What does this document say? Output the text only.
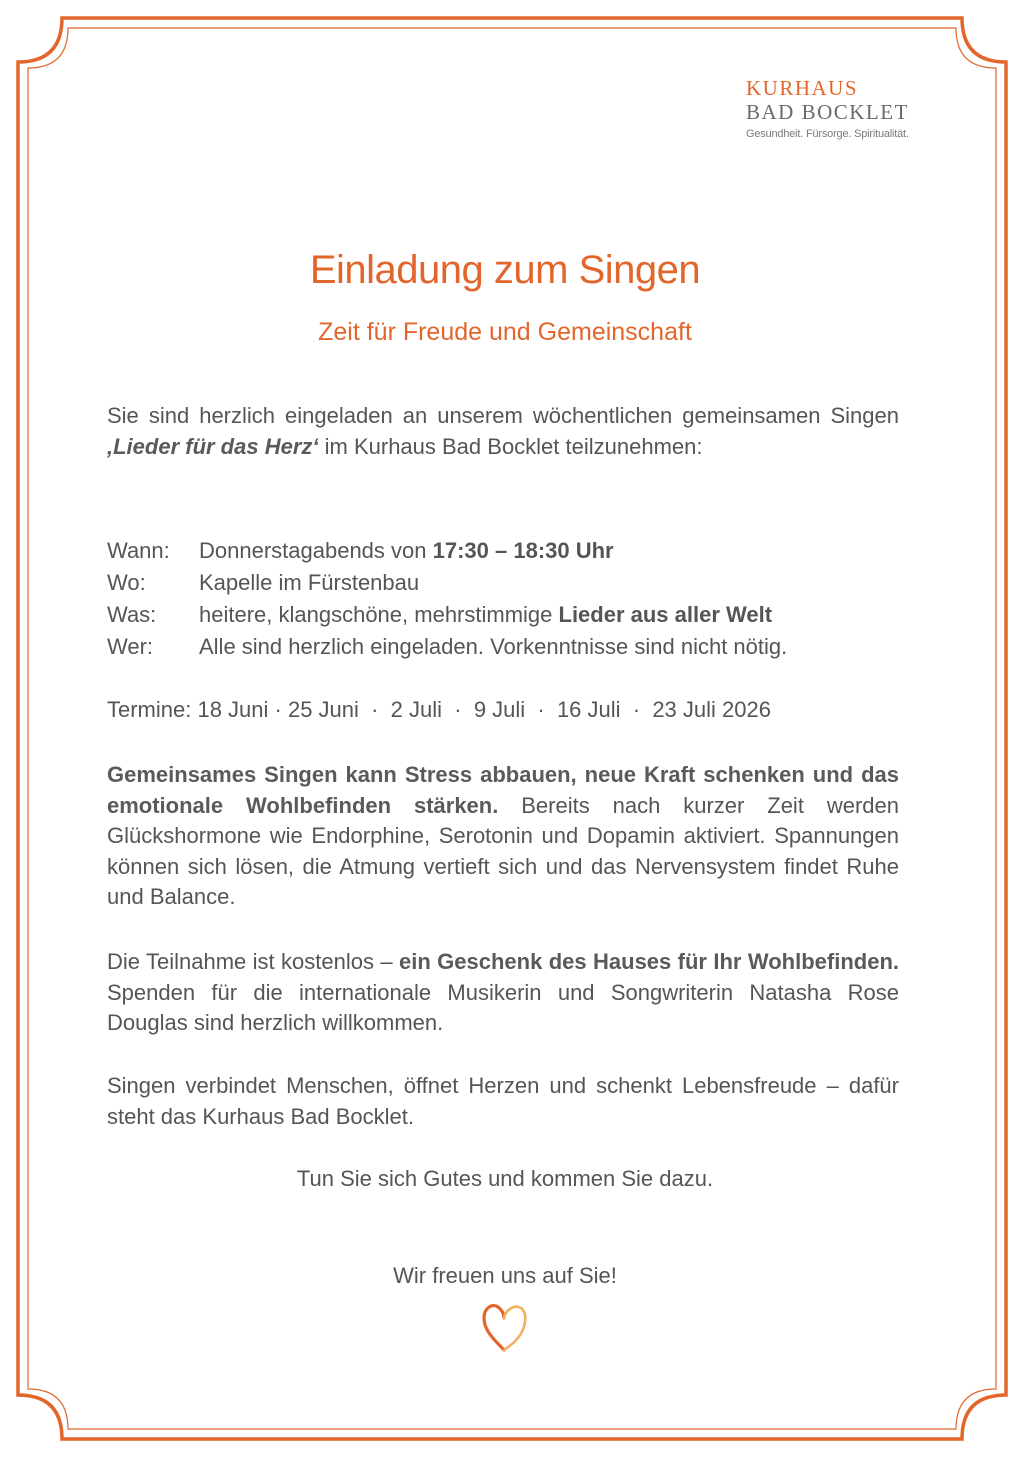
KURHAUS
BAD BOCKLET
Gesundheit. Fürsorge. Spiritualität.
Einladung zum Singen
Zeit für Freude und Gemeinschaft

Sie sind herzlich eingeladen an unserem wöchentlichen gemeinsamen Singen ‚Lieder für das Herz‘ im Kurhaus Bad Bocklet teilzunehmen:

Wann: Donnerstagabends von 17:30 – 18:30 Uhr
Wo: Kapelle im Fürstenbau
Was: heitere, klangschöne, mehrstimmige Lieder aus aller Welt
Wer: Alle sind herzlich eingeladen. Vorkenntnisse sind nicht nötig.
Termine: 18 Juni · 25 Juni  ·  2 Juli  ·  9 Juli  ·  16 Juli  ·  23 Juli 2026

Gemeinsames Singen kann Stress abbauen, neue Kraft schenken und das emotionale Wohlbefinden stärken. Bereits nach kurzer Zeit werden Glückshormone wie Endorphine, Serotonin und Dopamin aktiviert. Spannungen können sich lösen, die Atmung vertieft sich und das Nervensystem findet Ruhe und Balance.

Die Teilnahme ist kostenlos – ein Geschenk des Hauses für Ihr Wohlbefinden. Spenden für die internationale Musikerin und Songwriterin Natasha Rose Douglas sind herzlich willkommen.

Singen verbindet Menschen, öffnet Herzen und schenkt Lebensfreude – dafür steht das Kurhaus Bad Bocklet.

Tun Sie sich Gutes und kommen Sie dazu.

Wir freuen uns auf Sie!
